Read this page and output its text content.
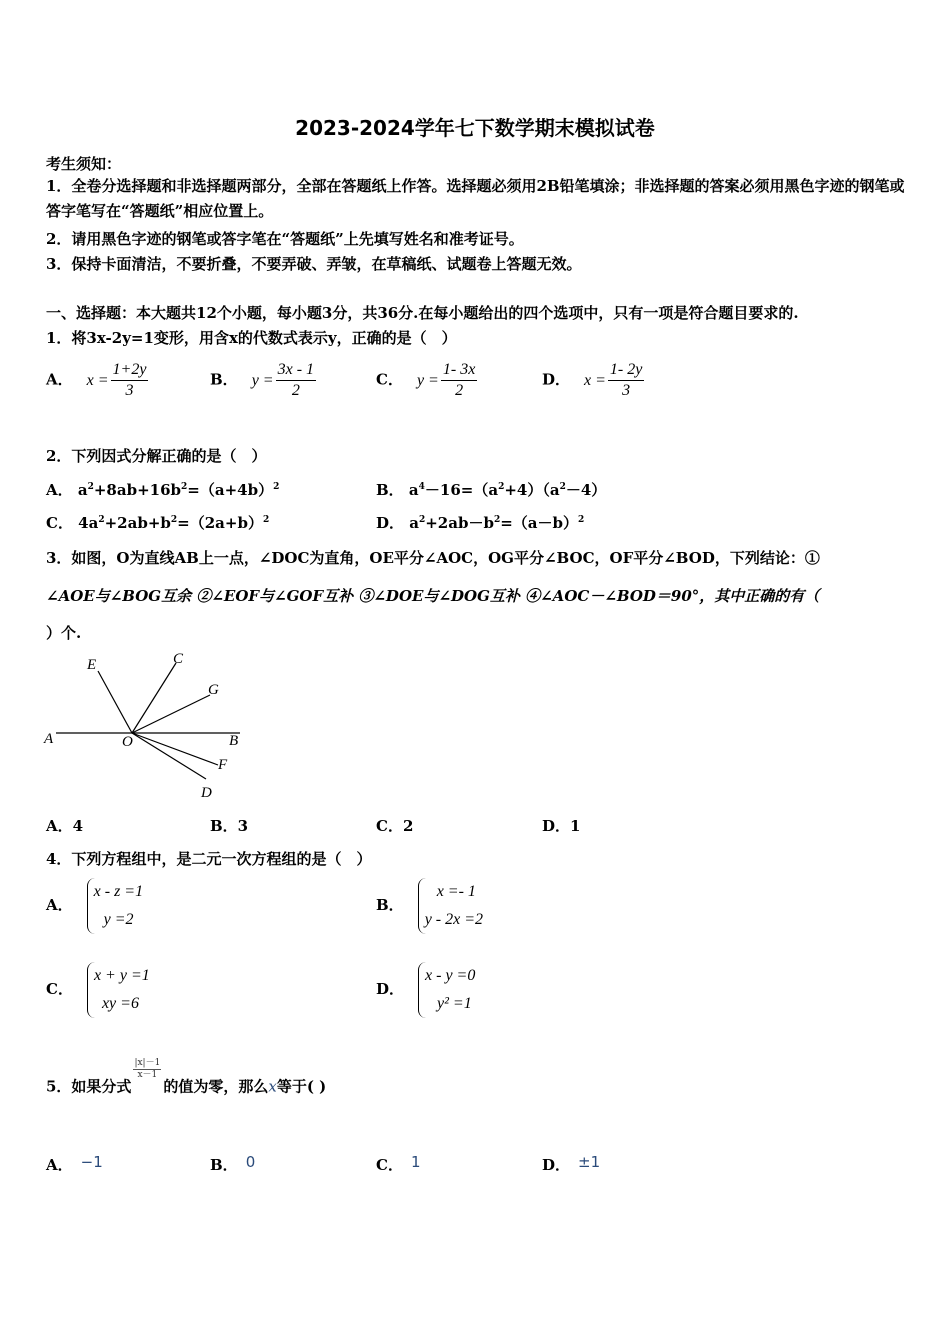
2023-2024学年七下数学期末模拟试卷
考生须知：
1．全卷分选择题和非选择题两部分，全部在答题纸上作答。选择题必须用2B铅笔填涂；非选择题的答案必须用黑色字迹的钢笔或答字笔写在“答题纸”相应位置上。
2．请用黑色字迹的钢笔或答字笔在“答题纸”上先填写姓名和准考证号。
3．保持卡面清洁，不要折叠，不要弄破、弄皱，在草稿纸、试题卷上答题无效。
一、选择题：本大题共12个小题，每小题3分，共36分.在每小题给出的四个选项中，只有一项是符合题目要求的.
1．将3x-2y=1变形，用含x的代数式表示y，正确的是（　）
A． $x = \frac{1+2y}{3}$	B． $y = \frac{3x - 1}{2}$	C． $y = \frac{1- 3x}{2}$	D． $x = \frac{1- 2y}{3}$
2．下列因式分解正确的是（　）
A． $a^2+8ab+16b^2=(a+4b)^2$	B． $a^4-16=(a^2+4)(a^2-4)$
C． $4a^2+2ab+b^2=(2a+b)^2$	D． $a^2+2ab-b^2=(a-b)^2$
3．如图，O为直线AB上一点，∠DOC为直角，OE平分∠AOC，OG平分∠BOC，OF平分∠BOD，下列结论：①
∠AOE与∠BOG互余 ②∠EOF与∠GOF互补 ③∠DOE与∠DOG互补 ④∠AOC－∠BOD＝90°，其中正确的有（
）个.
A	B
C
D
E
F
G
O
A．4	B．3	C．2	D．1
4．下列方程组中，是二元一次方程组的是（　）
A．
x - z =1
y =2
B．
x =- 1
y - 2x =2
C．
x + y =1
xy =6
D．
x - y =0
y² =1
5．如果分式
$\frac{|x|-1}{x-1}$
的值为零，那么x等于( )
A． −1	B． 0	C． 1	D． ±1
